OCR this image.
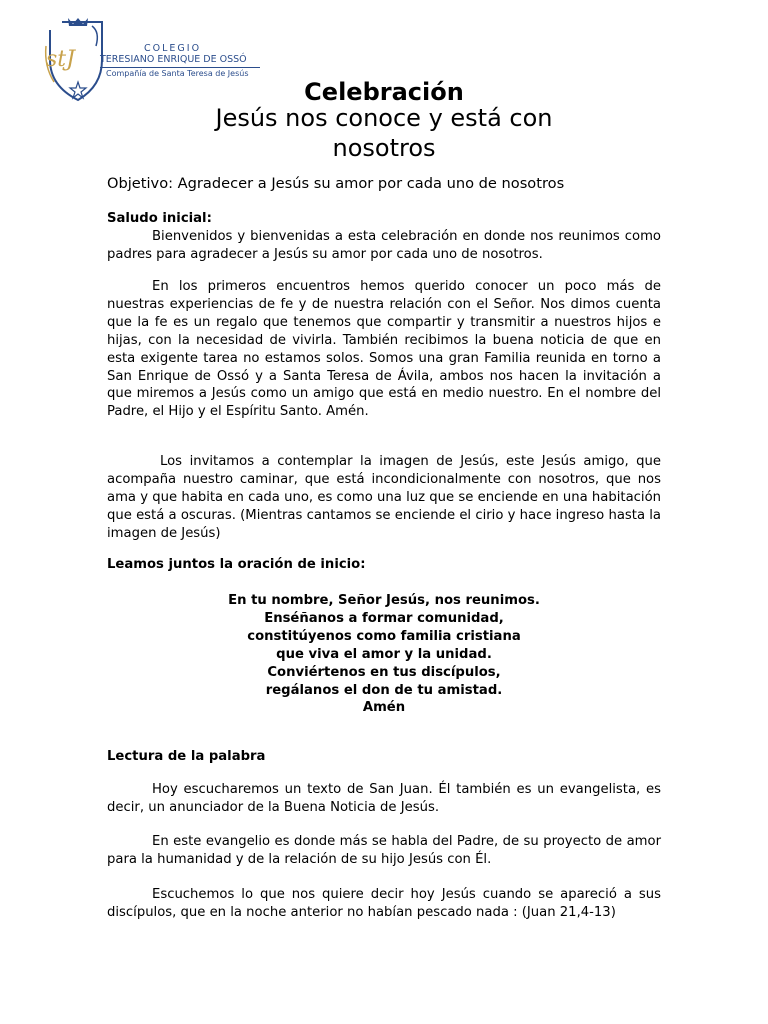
stJ	COLEGIO
TERESIANO ENRIQUE DE OSSÓ
Compañía de Santa Teresa de Jesús
Celebración
Jesús nos conoce y está con
nosotros
Objetivo: Agradecer a Jesús su amor por cada uno de nosotros
Saludo inicial:

Bienvenidos y bienvenidas a esta celebración en donde nos reunimos como padres para agradecer a Jesús su amor por cada uno de nosotros.

En los primeros encuentros hemos querido conocer un poco más de nuestras experiencias de fe y de nuestra relación con el Señor. Nos dimos cuenta que la fe es un regalo que tenemos que compartir y transmitir a nuestros hijos e hijas, con la necesidad de vivirla. También recibimos la buena noticia de que en esta exigente tarea no estamos solos. Somos una gran Familia reunida en torno a San Enrique de Ossó y a Santa Teresa de Ávila, ambos nos hacen la invitación a que miremos a Jesús como un amigo que está en medio nuestro. En el nombre del Padre, el Hijo y el Espíritu Santo. Amén.

Los invitamos a contemplar la imagen de Jesús, este Jesús amigo, que acompaña nuestro caminar, que está incondicionalmente con nosotros, que nos ama y que habita en cada uno, es como una luz que se enciende en una habitación que está a oscuras. (Mientras cantamos se enciende el cirio y hace ingreso hasta la imagen de Jesús)

Leamos juntos la oración de inicio:
En tu nombre, Señor Jesús, nos reunimos.
Enséñanos a formar comunidad,
constitúyenos como familia cristiana
que viva el amor y la unidad.
Conviértenos en tus discípulos,
regálanos el don de tu amistad.
Amén
Lectura de la palabra

Hoy escucharemos un texto de San Juan. Él también es un evangelista, es decir, un anunciador de la Buena Noticia de Jesús.

En este evangelio es donde más se habla del Padre, de su proyecto de amor para la humanidad y de la relación de su hijo Jesús con Él.

Escuchemos lo que nos quiere decir hoy Jesús cuando se apareció a sus discípulos, que en la noche anterior no habían pescado nada : (Juan 21,4-13)
